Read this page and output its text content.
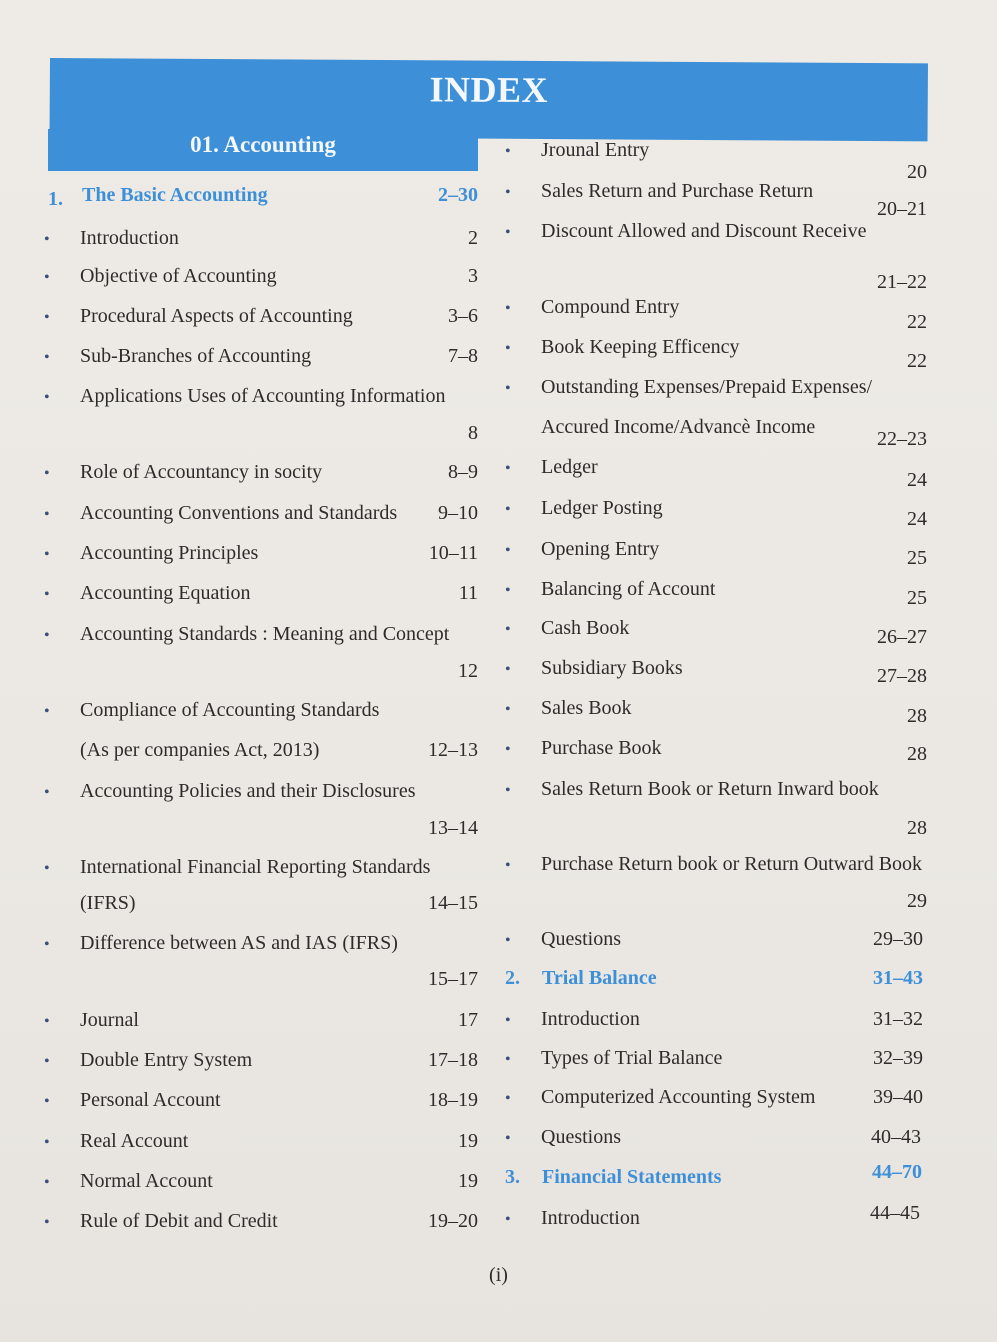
INDEX
01. Accounting
1. The Basic Accounting	2–30
• Introduction	2
• Objective of Accounting	3
• Procedural Aspects of Accounting	3–6
• Sub-Branches of Accounting	7–8
• Applications Uses of Accounting Information
8
• Role of Accountancy in socity	8–9
• Accounting Conventions and Standards 9–10
• Accounting Principles	10–11
• Accounting Equation	11
• Accounting Standards : Meaning and Concept
12
• Compliance of Accounting Standards
(As per companies Act, 2013)	12–13
• Accounting Policies and their Disclosures
13–14
• International Financial Reporting Standards
(IFRS)	14–15
• Difference between AS and IAS (IFRS)
15–17
• Journal	17
• Double Entry System	17–18
• Personal Account	18–19
• Real Account	19
• Normal Account	19
• Rule of Debit and Credit	19–20
• Jrounal Entry
20
• Sales Return and Purchase Return
20–21
• Discount Allowed and Discount Receive
21–22
• Compound Entry
22
• Book Keeping Efficency
22
• Outstanding Expenses/Prepaid Expenses/
Accured Income/Advancè Income
22–23
• Ledger
24
• Ledger Posting	24
• Opening Entry	25
• Balancing of Account	25
• Cash Book	26–27
• Subsidiary Books	27–28
• Sales Book	28
• Purchase Book	28
• Sales Return Book or Return Inward book
28
• Purchase Return book or Return Outward Book
29
• Questions	29–30
2. Trial Balance	31–43
• Introduction	31–32
• Types of Trial Balance	32–39
• Computerized Accounting System	39–40
• Questions	40–43
3. Financial Statements	44–70
• Introduction	44–45
(i)
